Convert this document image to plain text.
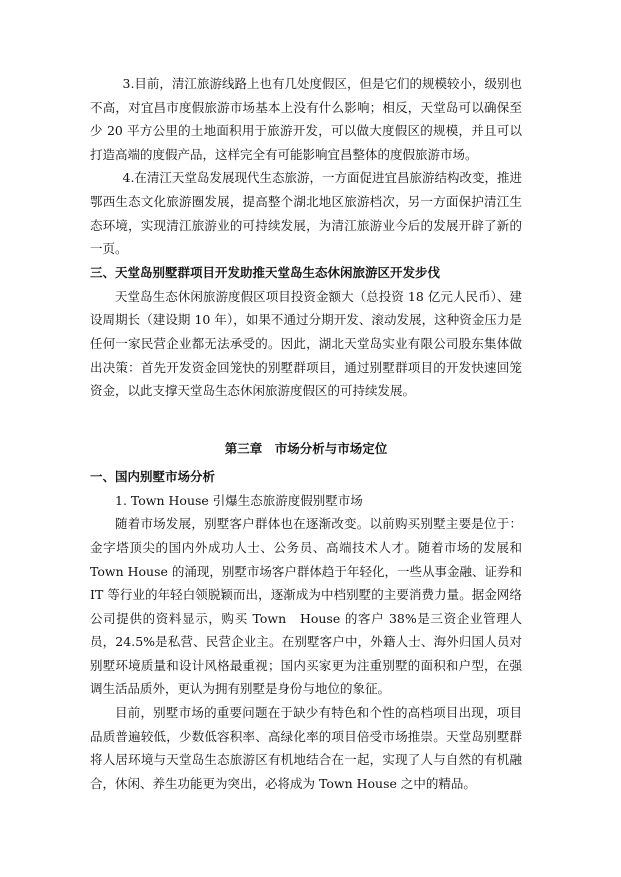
3.目前，清江旅游线路上也有几处度假区，但是它们的规模较小，级别也不高，对宜昌市度假旅游市场基本上没有什么影响；相反，天堂岛可以确保至少 20 平方公里的土地面积用于旅游开发，可以做大度假区的规模，并且可以打造高端的度假产品，这样完全有可能影响宜昌整体的度假旅游市场。

4.在清江天堂岛发展现代生态旅游，一方面促进宜昌旅游结构改变，推进鄂西生态文化旅游圈发展，提高整个湖北地区旅游档次，另一方面保护清江生态环境，实现清江旅游业的可持续发展，为清江旅游业今后的发展开辟了新的一页。

三、天堂岛别墅群项目开发助推天堂岛生态休闲旅游区开发步伐

天堂岛生态休闲旅游度假区项目投资金额大（总投资 18 亿元人民币）、建设周期长（建设期 10 年），如果不通过分期开发、滚动发展，这种资金压力是任何一家民营企业都无法承受的。因此，湖北天堂岛实业有限公司股东集体做出决策：首先开发资金回笼快的别墅群项目，通过别墅群项目的开发快速回笼资金，以此支撑天堂岛生态休闲旅游度假区的可持续发展。

第三章　市场分析与市场定位
一、国内别墅市场分析

1. Town House 引爆生态旅游度假别墅市场

随着市场发展，别墅客户群体也在逐渐改变。以前购买别墅主要是位于：金字塔顶尖的国内外成功人士、公务员、高端技术人才。随着市场的发展和 Town House 的涌现，别墅市场客户群体趋于年轻化，一些从事金融、证券和 IT 等行业的年轻白领脱颖而出，逐渐成为中档别墅的主要消费力量。据金网络公司提供的资料显示，购买 Town　House 的客户 38%是三资企业管理人员，24.5%是私营、民营企业主。在别墅客户中，外籍人士、海外归国人员对别墅环境质量和设计风格最重视；国内买家更为注重别墅的面积和户型，在强调生活品质外，更认为拥有别墅是身份与地位的象征。

目前，别墅市场的重要问题在于缺少有特色和个性的高档项目出现，项目品质普遍较低，少数低容积率、高绿化率的项目倍受市场推崇。天堂岛别墅群将人居环境与天堂岛生态旅游区有机地结合在一起，实现了人与自然的有机融合，休闲、养生功能更为突出，必将成为 Town House 之中的精品。
